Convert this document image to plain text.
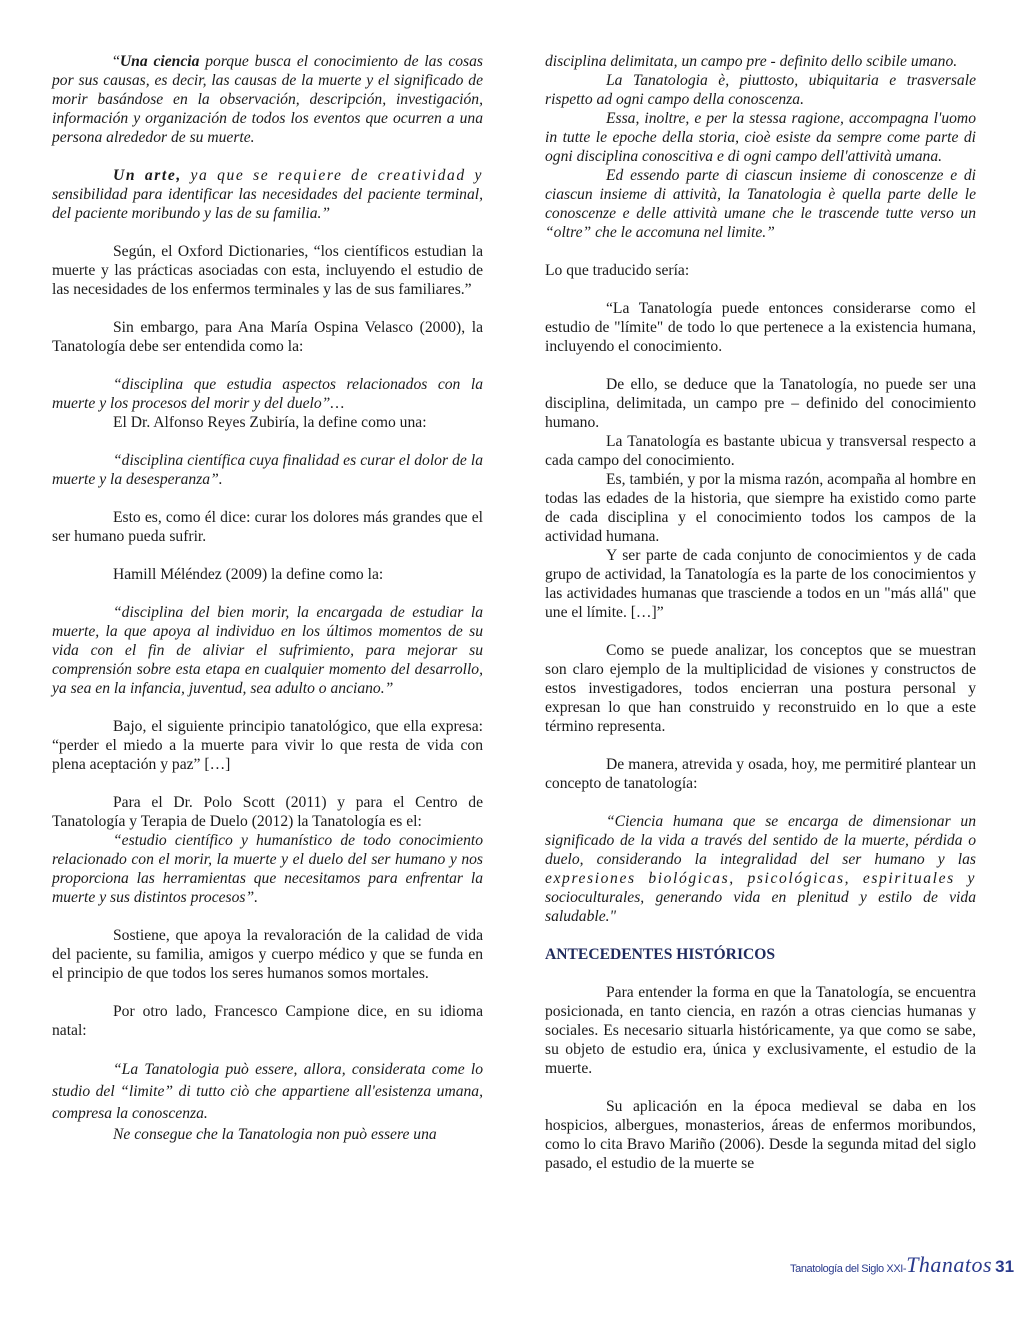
“Una ciencia porque busca el conocimiento de las cosas por sus causas, es decir, las causas de la muerte y el significado de morir basándose en la observación, descripción, investigación, información y organización de todos los eventos que ocurren a una persona alrededor de su muerte.

Un arte, ya que se requiere de creatividad y sensibilidad para identificar las necesidades del paciente terminal, del paciente moribundo y las de su familia.”

Según, el Oxford Dictionaries, “los científicos estudian la muerte y las prácticas asociadas con esta, incluyendo el estudio de las necesidades de los enfermos terminales y las de sus familiares.”

Sin embargo, para Ana María Ospina Velasco (2000), la Tanatología debe ser entendida como la:

“disciplina que estudia aspectos relacionados con la muerte y los procesos del morir y del duelo”…

El Dr. Alfonso Reyes Zubiría, la define como una:

“disciplina científica cuya finalidad es curar el dolor de la muerte y la desesperanza”.

Esto es, como él dice: curar los dolores más grandes que el ser humano pueda sufrir.

Hamill Méléndez (2009) la define como la:

“disciplina del bien morir, la encargada de estudiar la muerte, la que apoya al individuo en los últimos momentos de su vida con el fin de aliviar el sufrimiento, para mejorar su comprensión sobre esta etapa en cualquier momento del desarrollo, ya sea en la infancia, juventud, sea adulto o anciano.”

Bajo, el siguiente principio tanatológico, que ella expresa: “perder el miedo a la muerte para vivir lo que resta de vida con plena aceptación y paz” […]

Para el Dr. Polo Scott (2011) y para el Centro de Tanatología y Terapia de Duelo (2012) la Tanatología es el:

“estudio científico y humanístico de todo conocimiento relacionado con el morir, la muerte y el duelo del ser humano y nos proporciona las herramientas que necesitamos para enfrentar la muerte y sus distintos procesos”.

Sostiene, que apoya la revaloración de la calidad de vida del paciente, su familia, amigos y cuerpo médico y que se funda en el principio de que todos los seres humanos somos mortales.

Por otro lado, Francesco Campione dice, en su idioma natal:

“La Tanatologia può essere, allora, considerata come lo studio del “limite” di tutto ciò che appartiene all'esistenza umana, compresa la conoscenza.

Ne consegue che la Tanatologia non può essere una

disciplina delimitata, un campo pre - definito dello scibile umano.

La Tanatologia è, piuttosto, ubiquitaria e trasversale rispetto ad ogni campo della conoscenza.

Essa, inoltre, e per la stessa ragione, accompagna l'uomo in tutte le epoche della storia, cioè esiste da sempre come parte di ogni disciplina conoscitiva e di ogni campo dell'attività umana.

Ed essendo parte di ciascun insieme di conoscenze e di ciascun insieme di attività, la Tanatologia è quella parte delle le conoscenze e delle attività umane che le trascende tutte verso un “oltre” che le accomuna nel limite.”

Lo que traducido sería:

“La Tanatología puede entonces considerarse como el estudio de "límite" de todo lo que pertenece a la existencia humana, incluyendo el conocimiento.

De ello, se deduce que la Tanatología, no puede ser una disciplina, delimitada, un campo pre – definido del conocimiento humano.

La Tanatología es bastante ubicua y transversal respecto a cada campo del conocimiento.

Es, también, y por la misma razón, acompaña al hombre en todas las edades de la historia, que siempre ha existido como parte de cada disciplina y el conocimiento todos los campos de la actividad humana.

Y ser parte de cada conjunto de conocimientos y de cada grupo de actividad, la Tanatología es la parte de los conocimientos y las actividades humanas que trasciende a todos en un "más allá" que une el límite. […]”

Como se puede analizar, los conceptos que se muestran son claro ejemplo de la multiplicidad de visiones y constructos de estos investigadores, todos encierran una postura personal y expresan lo que han construido y reconstruido en lo que a este término representa.

De manera, atrevida y osada, hoy, me permitiré plantear un concepto de tanatología:

“Ciencia humana que se encarga de dimensionar un significado de la vida a través del sentido de la muerte, pérdida o duelo, considerando la integralidad del ser humano y las expresiones biológicas, psicológicas, espirituales y socioculturales, generando vida en plenitud y estilo de vida saludable."

ANTECEDENTES HISTÓRICOS

Para entender la forma en que la Tanatología, se encuentra posicionada, en tanto ciencia, en razón a otras ciencias humanas y sociales. Es necesario situarla históricamente, ya que como se sabe, su objeto de estudio era, única y exclusivamente, el estudio de la muerte.

Su aplicación en la época medieval se daba en los hospicios, albergues, monasterios, áreas de enfermos moribundos, como lo cita Bravo Mariño (2006). Desde la segunda mitad del siglo pasado, el estudio de la muerte se

Tanatología del Siglo XXI-Thanatos 31
